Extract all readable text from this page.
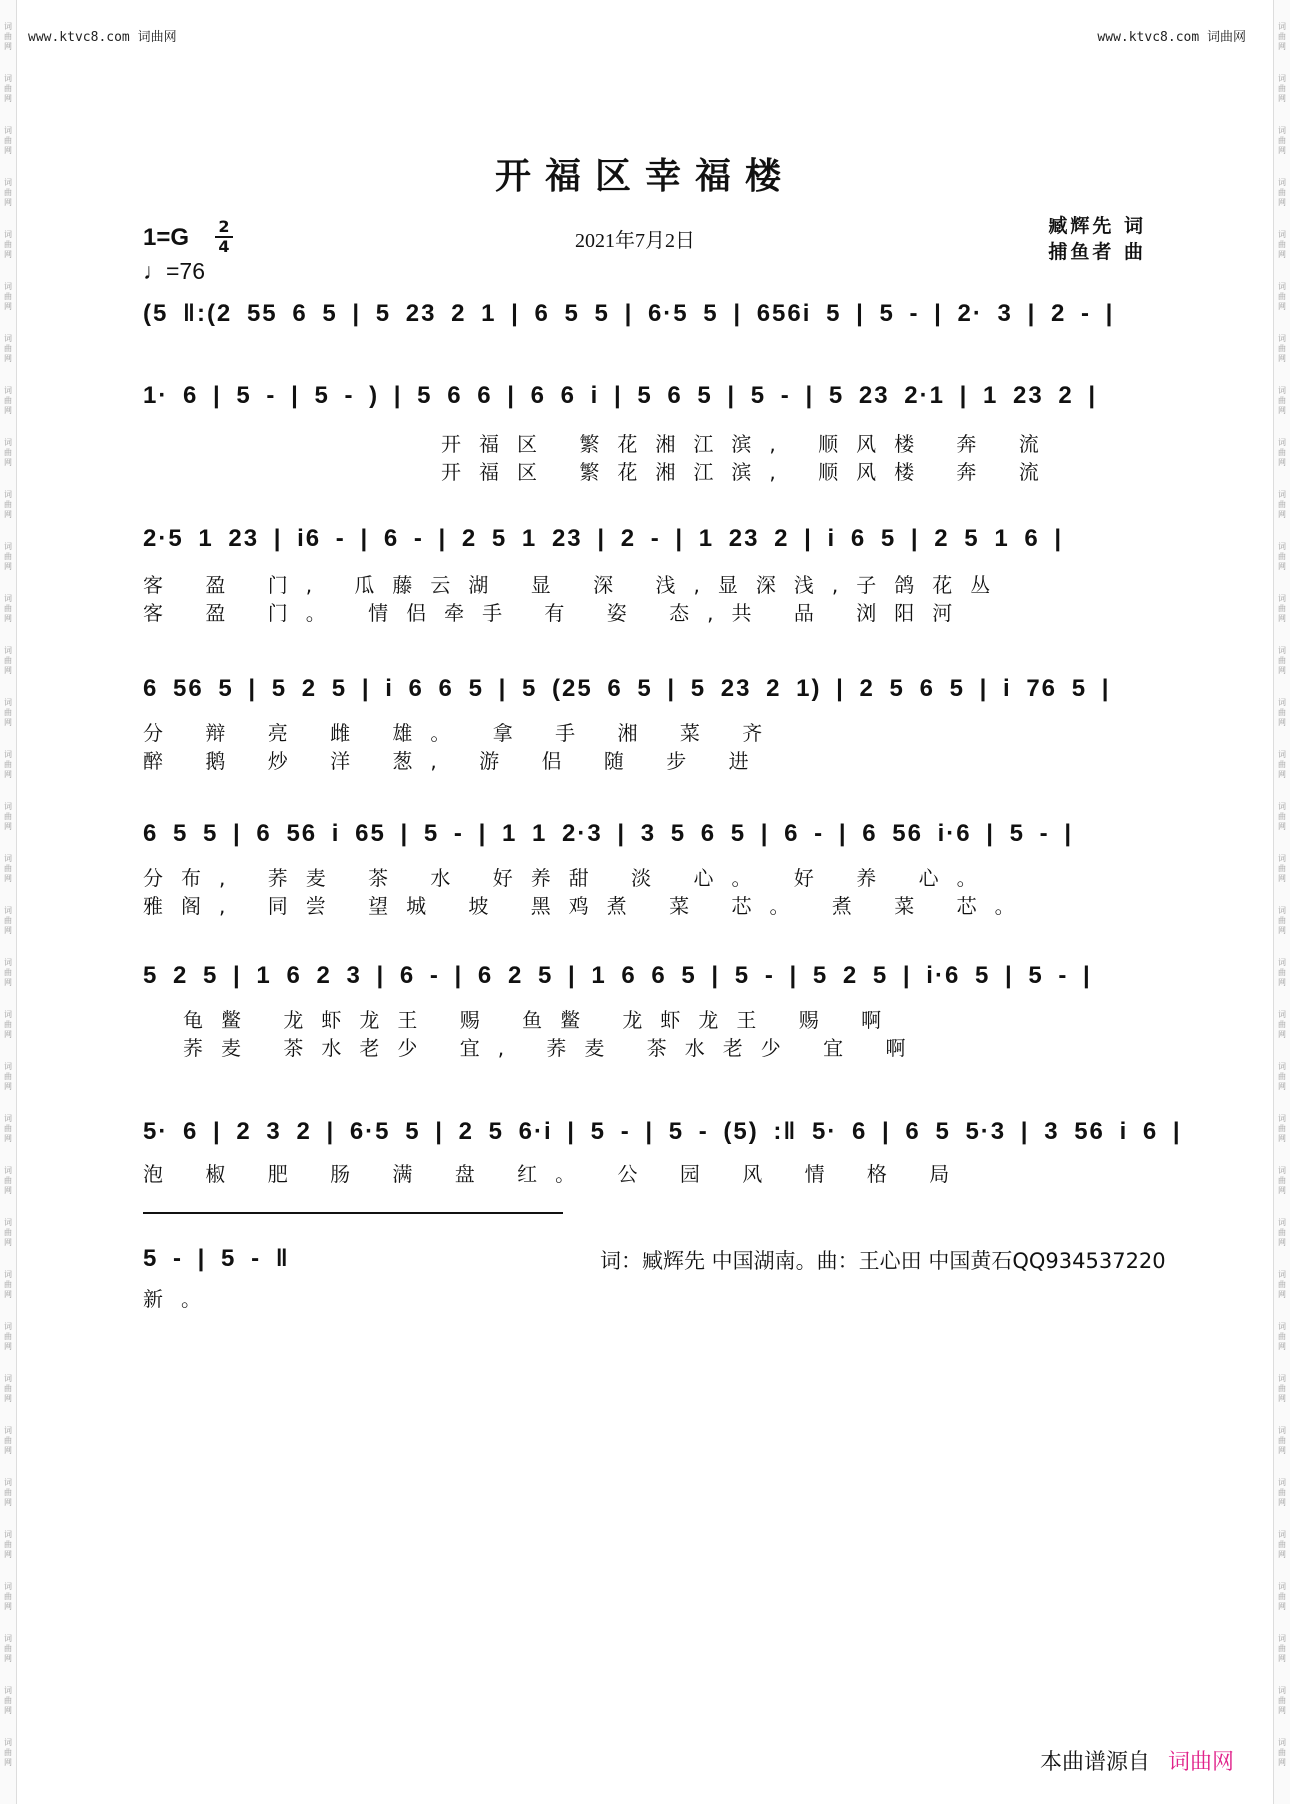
词曲网
词曲网
词曲网
词曲网
词曲网
词曲网
词曲网
词曲网
词曲网
词曲网
词曲网
词曲网
词曲网
词曲网
词曲网
词曲网
词曲网
词曲网
词曲网
词曲网
词曲网
词曲网
词曲网
词曲网
词曲网
词曲网
词曲网
词曲网
词曲网
词曲网
词曲网
词曲网
词曲网
词曲网
词曲网
词曲网
词曲网
词曲网
词曲网
词曲网
词曲网
词曲网
词曲网
词曲网
词曲网
词曲网
词曲网
词曲网
词曲网
词曲网
词曲网
词曲网
词曲网
词曲网
词曲网
词曲网
词曲网
词曲网
词曲网
词曲网
词曲网
词曲网
词曲网
词曲网
词曲网
词曲网
词曲网
词曲网
www.ktvc8.com 词曲网	www.ktvc8.com 词曲网
开福区幸福楼
1=G 2
4
♩=76
2021年7月2日
臧辉先 词
捕鱼者 曲
(5 ‖:(2 55 6 5 | 5 23 2 1 | 6 5 5 | 6·5 5 | 656i 5 | 5 - | 2· 3 | 2 - |
1· 6 | 5 - | 5 - ) | 5 6 6 | 6 6 i | 5 6 5 | 5 - | 5 23 2·1 | 1 23 2 |
开福区 繁花湘江滨, 顺风楼 奔 流
开福区 繁花湘江滨, 顺风楼 奔 流
2·5 1 23 | i6 - | 6 - | 2 5 1 23 | 2 - | 1 23 2 | i 6 5 | 2 5 1 6 |
客 盈 门, 瓜藤云湖 显 深 浅,显深浅,子鸽花丛
客 盈 门。 情侣牵手 有 姿 态,共 品 浏阳河
6 56 5 | 5 2 5 | i 6 6 5 | 5 (25 6 5 | 5 23 2 1) | 2 5 6 5 | i 76 5 |
分 辩 亮 雌 雄。 拿 手 湘 菜 齐
醉 鹅 炒 洋 葱, 游 侣 随 步 进
6 5 5 | 6 56 i 65 | 5 - | 1 1 2·3 | 3 5 6 5 | 6 - | 6 56 i·6 | 5 - |
分布, 荞麦 茶 水 好养甜 淡 心。 好 养 心。
雅阁, 同尝 望城 坡 黑鸡煮 菜 芯。 煮 菜 芯。
5 2 5 | 1 6 2 3 | 6 - | 6 2 5 | 1 6 6 5 | 5 - | 5 2 5 | i·6 5 | 5 - |
龟鳖 龙虾龙王 赐 鱼鳖 龙虾龙王 赐 啊
荞麦 茶水老少 宜, 荞麦 茶水老少 宜 啊
5· 6 | 2 3 2 | 6·5 5 | 2 5 6·i | 5 - | 5 - (5) :‖ 5· 6 | 6 5 5·3 | 3 56 i 6 |
泡 椒 肥 肠 满 盘 红。 公 园 风 情 格 局
5 - | 5 - ‖
新。
词：臧辉先 中国湖南。曲：王心田 中国黄石QQ934537220
本曲谱源自 词曲网
